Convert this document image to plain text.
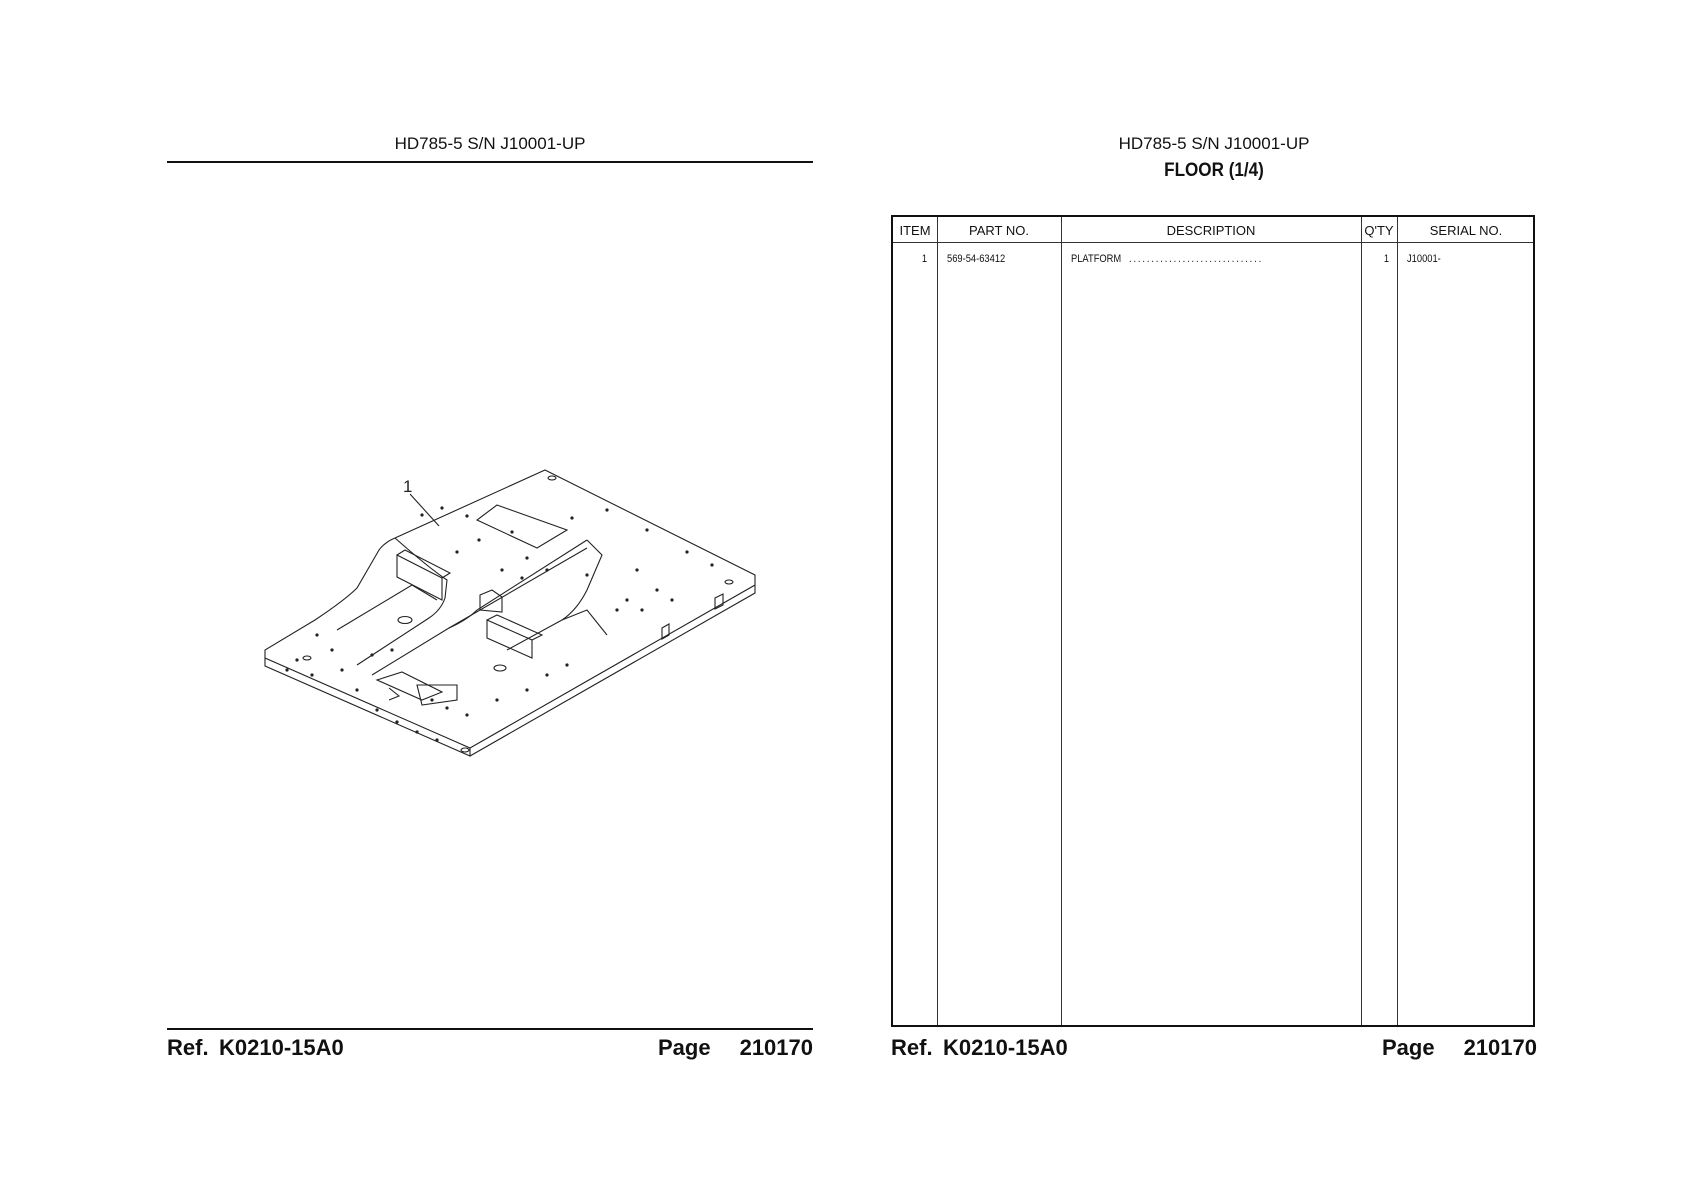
HD785-5 S/N J10001-UP
1
Ref. K0210-15A0	Page 210170
HD785-5 S/N J10001-UP
FLOOR (1/4)
ITEM	PART NO.	DESCRIPTION	Q'TY	SERIAL NO.
1 569-54-63412	PLATFORM ..............................	1 J10001-
Ref. K0210-15A0	Page 210170
